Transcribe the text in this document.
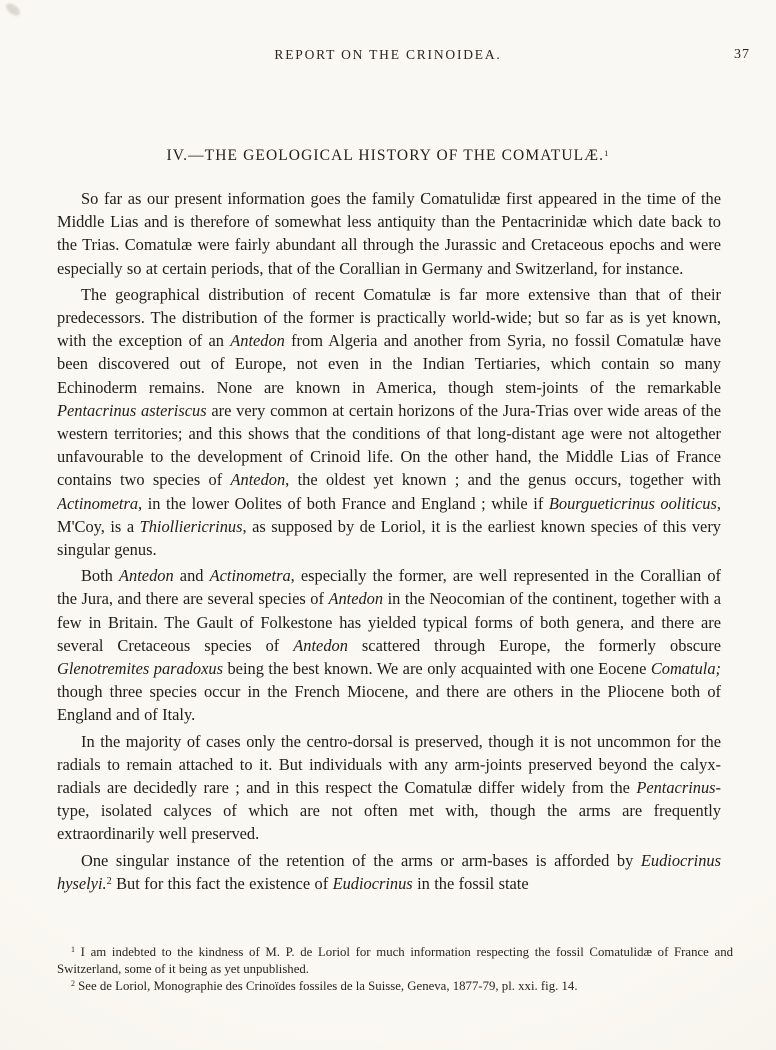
REPORT ON THE CRINOIDEA.	37
IV.—THE GEOLOGICAL HISTORY OF THE COMATULÆ.$^1$

So far as our present information goes the family Comatulidæ first appeared in the time of the Middle Lias and is therefore of somewhat less antiquity than the Pentacrinidæ which date back to the Trias. Comatulæ were fairly abundant all through the Jurassic and Cretaceous epochs and were especially so at certain periods, that of the Corallian in Germany and Switzerland, for instance.

The geographical distribution of recent Comatulæ is far more extensive than that of their predecessors. The distribution of the former is practically world-wide; but so far as is yet known, with the exception of an Antedon from Algeria and another from Syria, no fossil Comatulæ have been discovered out of Europe, not even in the Indian Tertiaries, which contain so many Echinoderm remains. None are known in America, though stem-joints of the remarkable Pentacrinus asteriscus are very common at certain horizons of the Jura-Trias over wide areas of the western territories; and this shows that the conditions of that long-distant age were not altogether unfavourable to the development of Crinoid life. On the other hand, the Middle Lias of France contains two species of Antedon, the oldest yet known ; and the genus occurs, together with Actinometra, in the lower Oolites of both France and England ; while if Bourgueticrinus ooliticus, M'Coy, is a Thiolliericrinus, as supposed by de Loriol, it is the earliest known species of this very singular genus.

Both Antedon and Actinometra, especially the former, are well represented in the Corallian of the Jura, and there are several species of Antedon in the Neocomian of the continent, together with a few in Britain. The Gault of Folkestone has yielded typical forms of both genera, and there are several Cretaceous species of Antedon scattered through Europe, the formerly obscure Glenotremites paradoxus being the best known. We are only acquainted with one Eocene Comatula; though three species occur in the French Miocene, and there are others in the Pliocene both of England and of Italy.

In the majority of cases only the centro-dorsal is preserved, though it is not uncommon for the radials to remain attached to it. But individuals with any arm-joints preserved beyond the calyx-radials are decidedly rare ; and in this respect the Comatulæ differ widely from the Pentacrinus-type, isolated calyces of which are not often met with, though the arms are frequently extraordinarily well preserved.

One singular instance of the retention of the arms or arm-bases is afforded by Eudiocrinus hyselyi.$^2$ But for this fact the existence of Eudiocrinus in the fossil state

$^1$ I am indebted to the kindness of M. P. de Loriol for much information respecting the fossil Comatulidæ of France and Switzerland, some of it being as yet unpublished.

$^2$ See de Loriol, Monographie des Crinoïdes fossiles de la Suisse, Geneva, 1877-79, pl. xxi. fig. 14.
